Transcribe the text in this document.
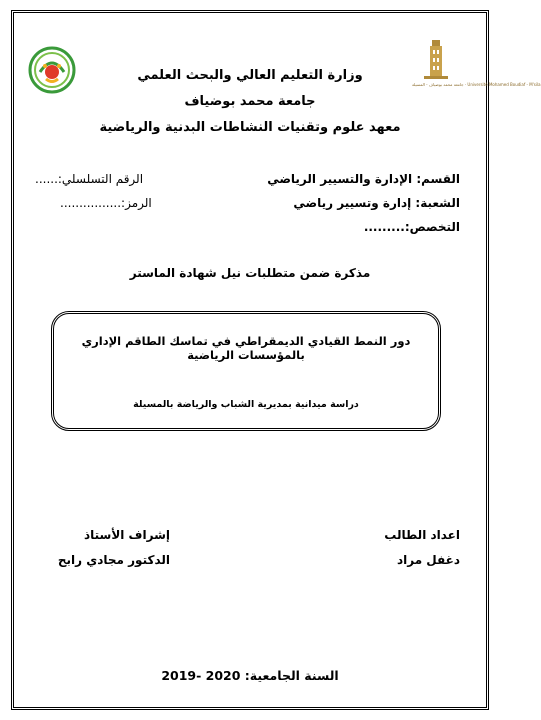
جامعة محمد بوضياف - المسيلة · Université Mohamed Boudiaf - M'sila
وزارة التعليم العالي والبحث العلمي
جامعة محمد بوضياف
معهد علوم وتقنيات النشاطات البدنية والرياضية
القسم: الإدارة والتسيير الرياضي
الرقم التسلسلي:......
الشعبة: إدارة وتسيير رياضي
الرمز:................
التخصص:.........
مذكرة ضمن متطلبات نيل شهادة الماستر
دور النمط القيادي الديمقراطي في تماسك الطاقم الإداري بالمؤسسات الرياضية
دراسة ميدانية بمديرية الشباب والرياضة بالمسيلة
اعداد الطالب
إشراف الأستاذ
دغفل مراد
الدكتور مجادي رابح
السنة الجامعية: 2019- 2020
